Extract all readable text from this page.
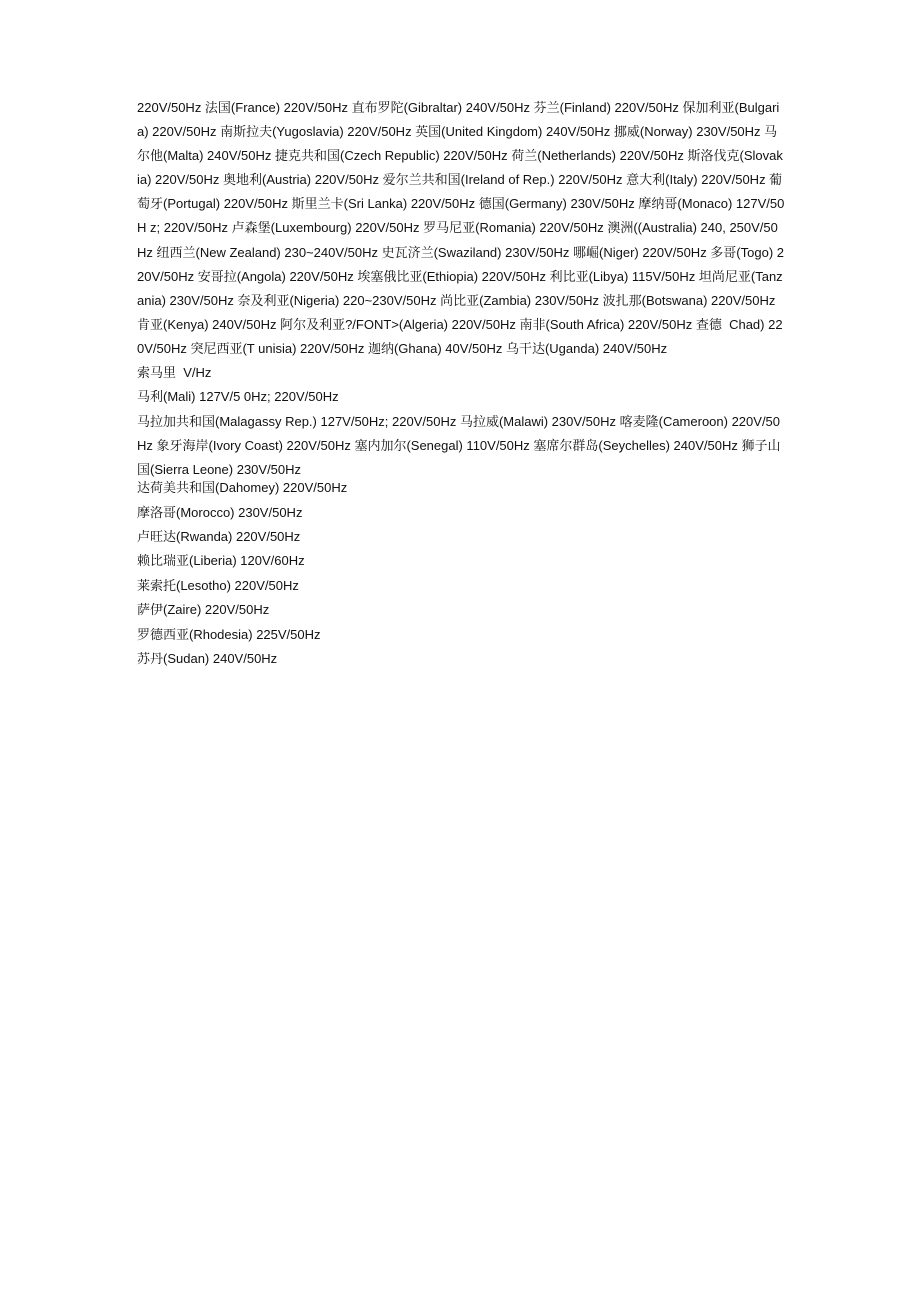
220V/50Hz 法国(France) 220V/50Hz 直布罗陀(Gibraltar) 240V/50Hz 芬兰(Finland) 220V/50Hz 保加利亚(Bulgaria) 220V/50Hz 南斯拉夫(Yugoslavia) 220V/50Hz 英国(United Kingdom) 240V/50Hz 挪威(Norway) 230V/50Hz 马尔他(Malta) 240V/50Hz 捷克共和国(Czech Republic) 220V/50Hz 荷兰(Netherlands) 220V/50Hz 斯洛伐克(Slovakia) 220V/50Hz 奥地利(Austria) 220V/50Hz 爱尔兰共和国(Ireland of Rep.) 220V/50Hz 意大利(Italy) 220V/50Hz 葡萄牙(Portugal) 220V/50Hz 斯里兰卡(Sri Lanka) 220V/50Hz 德国(Germany) 230V/50Hz 摩纳哥(Monaco) 127V/50H z; 220V/50Hz 卢森堡(Luxembourg) 220V/50Hz 罗马尼亚(Romania) 220V/50Hz 澳洲((Australia) 240, 250V/50Hz 纽西兰(New Zealand) 230~240V/50Hz 史瓦济兰(Swaziland) 230V/50Hz 哪崛(Niger) 220V/50Hz 多哥(Togo) 220V/50Hz 安哥拉(Angola) 220V/50Hz 埃塞俄比亚(Ethiopia) 220V/50Hz 利比亚(Libya) 115V/50Hz 坦尚尼亚(Tanzania) 230V/50Hz 奈及利亚(Nigeria) 220~230V/50Hz 尚比亚(Zambia) 230V/50Hz 波扎那(Botswana) 220V/50Hz 肯亚(Kenya) 240V/50Hz 阿尔及利亚?/FONT>(Algeria) 220V/50Hz 南非(South Africa) 220V/50Hz 查德  Chad) 220V/50Hz 突尼西亚(T unisia) 220V/50Hz 迦纳(Ghana) 40V/50Hz 乌干达(Uganda) 240V/50Hz

索马里  V/Hz

马利(Mali) 127V/5 0Hz; 220V/50Hz

马拉加共和国(Malagassy Rep.) 127V/50Hz; 220V/50Hz 马拉威(Malawi) 230V/50Hz 喀麦隆(Cameroon) 220V/50Hz 象牙海岸(Ivory Coast) 220V/50Hz 塞内加尔(Senegal) 110V/50Hz 塞席尔群岛(Seychelles) 240V/50Hz 狮子山国(Sierra Leone) 230V/50Hz

达荷美共和国(Dahomey) 220V/50Hz

摩洛哥(Morocco) 230V/50Hz

卢旺达(Rwanda) 220V/50Hz

赖比瑞亚(Liberia) 120V/60Hz

莱索托(Lesotho) 220V/50Hz

萨伊(Zaire) 220V/50Hz

罗德西亚(Rhodesia) 225V/50Hz

苏丹(Sudan) 240V/50Hz
